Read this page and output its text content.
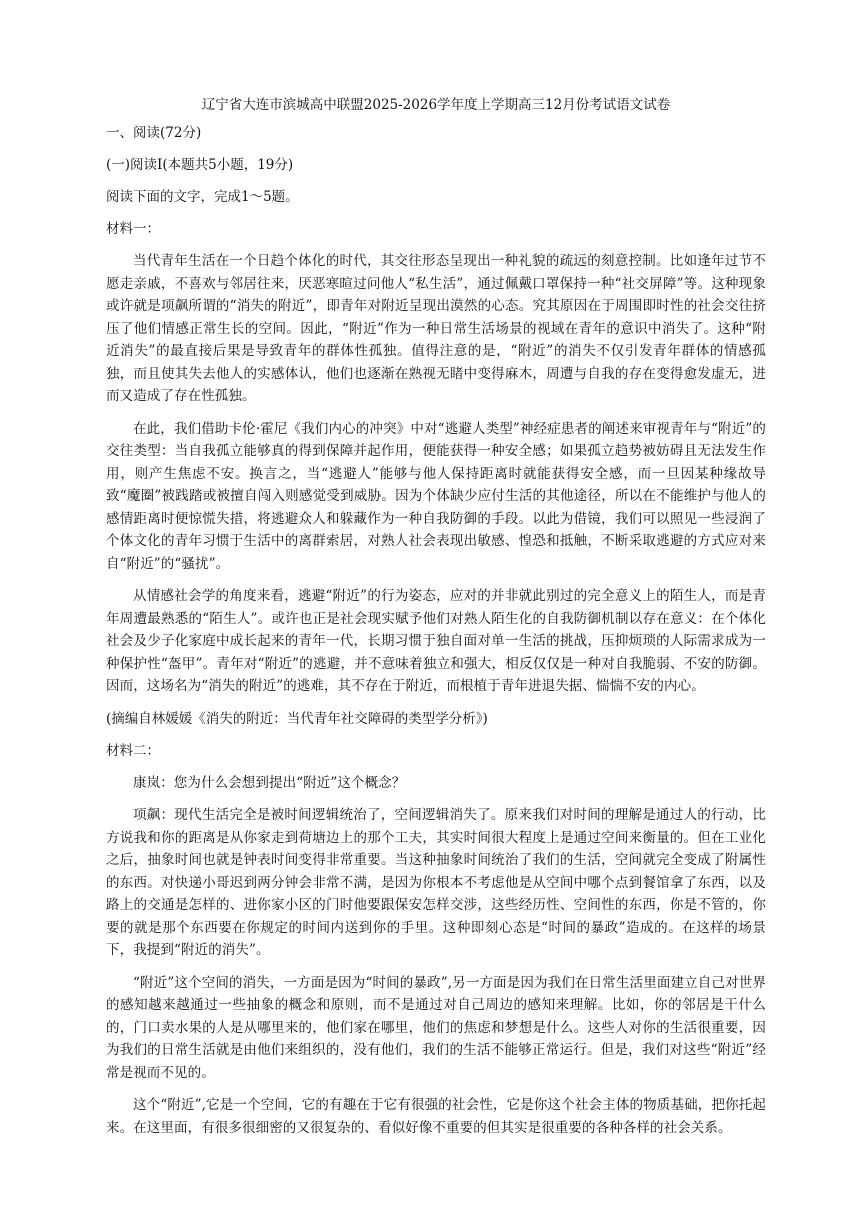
辽宁省大连市滨城高中联盟2025-2026学年度上学期高三12月份考试语文试卷
一、阅读(72分)
(一)阅读I(本题共5小题，19分)
阅读下面的文字，完成1～5题。
材料一：
当代青年生活在一个日趋个体化的时代，其交往形态呈现出一种礼貌的疏远的刻意控制。比如逢年过节不愿走亲戚，不喜欢与邻居往来，厌恶寒暄过问他人“私生活”，通过佩戴口罩保持一种“社交屏障”等。这种现象或许就是项飙所谓的“消失的附近”，即青年对附近呈现出漠然的心态。究其原因在于周围即时性的社会交往挤压了他们情感正常生长的空间。因此，“附近”作为一种日常生活场景的视域在青年的意识中消失了。这种“附近消失”的最直接后果是导致青年的群体性孤独。值得注意的是，“附近”的消失不仅引发青年群体的情感孤独，而且使其失去他人的实感体认，他们也逐渐在熟视无睹中变得麻木，周遭与自我的存在变得愈发虚无，进而又造成了存在性孤独。
在此，我们借助卡伦·霍尼《我们内心的冲突》中对“逃避人类型”神经症患者的阐述来审视青年与“附近”的交往类型：当自我孤立能够真的得到保障并起作用，便能获得一种安全感；如果孤立趋势被妨碍且无法发生作用，则产生焦虑不安。换言之，当“逃避人”能够与他人保持距离时就能获得安全感，而一旦因某种缘故导致“魔圈”被践踏或被擅自闯入则感觉受到威胁。因为个体缺少应付生活的其他途径，所以在不能维护与他人的感情距离时便惊慌失措，将逃避众人和躲藏作为一种自我防御的手段。以此为借镜，我们可以照见一些浸润了个体文化的青年习惯于生活中的离群索居，对熟人社会表现出敏感、惶恐和抵触，不断采取逃避的方式应对来自“附近”的“骚扰”。
从情感社会学的角度来看，逃避“附近”的行为姿态，应对的并非就此别过的完全意义上的陌生人，而是青年周遭最熟悉的“陌生人”。或许也正是社会现实赋予他们对熟人陌生化的自我防御机制以存在意义：在个体化社会及少子化家庭中成长起来的青年一代，长期习惯于独自面对单一生活的挑战，压抑烦琐的人际需求成为一种保护性“盔甲”。青年对“附近”的逃避，并不意味着独立和强大，相反仅仅是一种对自我脆弱、不安的防御。因而，这场名为“消失的附近”的逃难，其不存在于附近，而根植于青年进退失据、惴惴不安的内心。
(摘编自林媛媛《消失的附近：当代青年社交障碍的类型学分析》)
材料二：
康岚：您为什么会想到提出“附近”这个概念？
项飙：现代生活完全是被时间逻辑统治了，空间逻辑消失了。原来我们对时间的理解是通过人的行动，比方说我和你的距离是从你家走到荷塘边上的那个工夫，其实时间很大程度上是通过空间来衡量的。但在工业化之后，抽象时间也就是钟表时间变得非常重要。当这种抽象时间统治了我们的生活，空间就完全变成了附属性的东西。对快递小哥迟到两分钟会非常不满，是因为你根本不考虑他是从空间中哪个点到餐馆拿了东西，以及路上的交通是怎样的、进你家小区的门时他要跟保安怎样交涉，这些经历性、空间性的东西，你是不管的，你要的就是那个东西要在你规定的时间内送到你的手里。这种即刻心态是“时间的暴政”造成的。在这样的场景下，我提到“附近的消失”。
“附近”这个空间的消失，一方面是因为“时间的暴政”,另一方面是因为我们在日常生活里面建立自己对世界的感知越来越通过一些抽象的概念和原则，而不是通过对自己周边的感知来理解。比如，你的邻居是干什么的，门口卖水果的人是从哪里来的，他们家在哪里，他们的焦虑和梦想是什么。这些人对你的生活很重要，因为我们的日常生活就是由他们来组织的，没有他们，我们的生活不能够正常运行。但是，我们对这些“附近”经常是视而不见的。
这个“附近”,它是一个空间，它的有趣在于它有很强的社会性，它是你这个社会主体的物质基础，把你托起来。在这里面，有很多很细密的又很复杂的、看似好像不重要的但其实是很重要的各种各样的社会关系。
